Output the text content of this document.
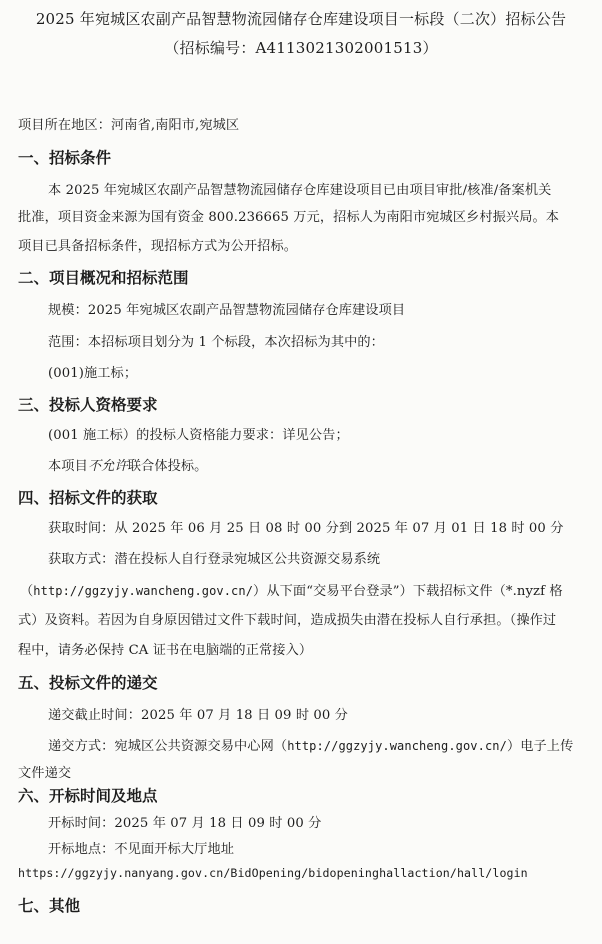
2025 年宛城区农副产品智慧物流园储存仓库建设项目一标段（二次）招标公告
（招标编号：A4113021302001513）
项目所在地区：河南省,南阳市,宛城区
一、招标条件
本 2025 年宛城区农副产品智慧物流园储存仓库建设项目已由项目审批/核准/备案机关
批准，项目资金来源为国有资金 800.236665 万元，招标人为南阳市宛城区乡村振兴局。本
项目已具备招标条件，现招标方式为公开招标。
二、项目概况和招标范围
规模：2025 年宛城区农副产品智慧物流园储存仓库建设项目
范围：本招标项目划分为 1 个标段，本次招标为其中的：
(001)施工标；
三、投标人资格要求
(001 施工标）的投标人资格能力要求：详见公告；
本项目不允许联合体投标。
四、招标文件的获取
获取时间：从 2025 年 06 月 25 日 08 时 00 分到 2025 年 07 月 01 日 18 时 00 分
获取方式：潜在投标人自行登录宛城区公共资源交易系统
（http://ggzyjy.wancheng.gov.cn/）从下面“交易平台登录”）下载招标文件（*.nyzf 格
式）及资料。若因为自身原因错过文件下载时间，造成损失由潜在投标人自行承担。（操作过
程中，请务必保持 CA 证书在电脑端的正常接入）
五、投标文件的递交
递交截止时间：2025 年 07 月 18 日 09 时 00 分
递交方式：宛城区公共资源交易中心网（http://ggzyjy.wancheng.gov.cn/）电子上传
文件递交
六、开标时间及地点
开标时间：2025 年 07 月 18 日 09 时 00 分
开标地点：不见面开标大厅地址
https://ggzyjy.nanyang.gov.cn/BidOpening/bidopeninghallaction/hall/login
七、其他
